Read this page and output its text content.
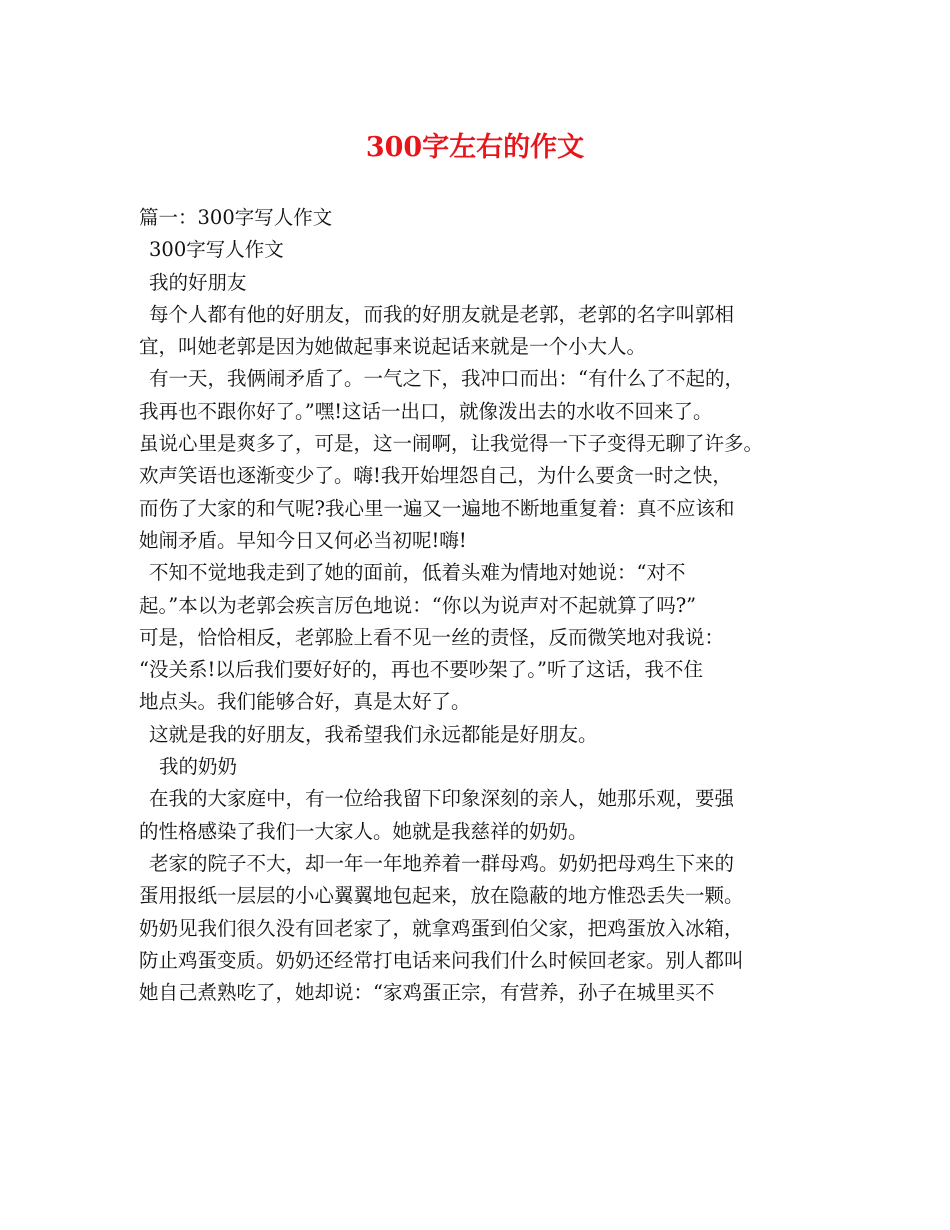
300字左右的作文
篇一：300字写人作文
300字写人作文
我的好朋友
每个人都有他的好朋友，而我的好朋友就是老郭，老郭的名字叫郭相
宜，叫她老郭是因为她做起事来说起话来就是一个小大人。
有一天，我俩闹矛盾了。一气之下，我冲口而出：“有什么了不起的，
我再也不跟你好了。”嘿!这话一出口，就像泼出去的水收不回来了。
虽说心里是爽多了，可是，这一闹啊，让我觉得一下子变得无聊了许多。
欢声笑语也逐渐变少了。嗨!我开始埋怨自己，为什么要贪一时之快，
而伤了大家的和气呢?我心里一遍又一遍地不断地重复着：真不应该和
她闹矛盾。早知今日又何必当初呢!嗨!
不知不觉地我走到了她的面前，低着头难为情地对她说：“对不
起。”本以为老郭会疾言厉色地说：“你以为说声对不起就算了吗?”
可是，恰恰相反，老郭脸上看不见一丝的责怪，反而微笑地对我说：
“没关系!以后我们要好好的，再也不要吵架了。”听了这话，我不住
地点头。我们能够合好，真是太好了。
这就是我的好朋友，我希望我们永远都能是好朋友。
我的奶奶
在我的大家庭中，有一位给我留下印象深刻的亲人，她那乐观，要强
的性格感染了我们一大家人。她就是我慈祥的奶奶。
老家的院子不大，却一年一年地养着一群母鸡。奶奶把母鸡生下来的
蛋用报纸一层层的小心翼翼地包起来，放在隐蔽的地方惟恐丢失一颗。
奶奶见我们很久没有回老家了，就拿鸡蛋到伯父家，把鸡蛋放入冰箱，
防止鸡蛋变质。奶奶还经常打电话来问我们什么时候回老家。别人都叫
她自己煮熟吃了，她却说：“家鸡蛋正宗，有营养，孙子在城里买不
